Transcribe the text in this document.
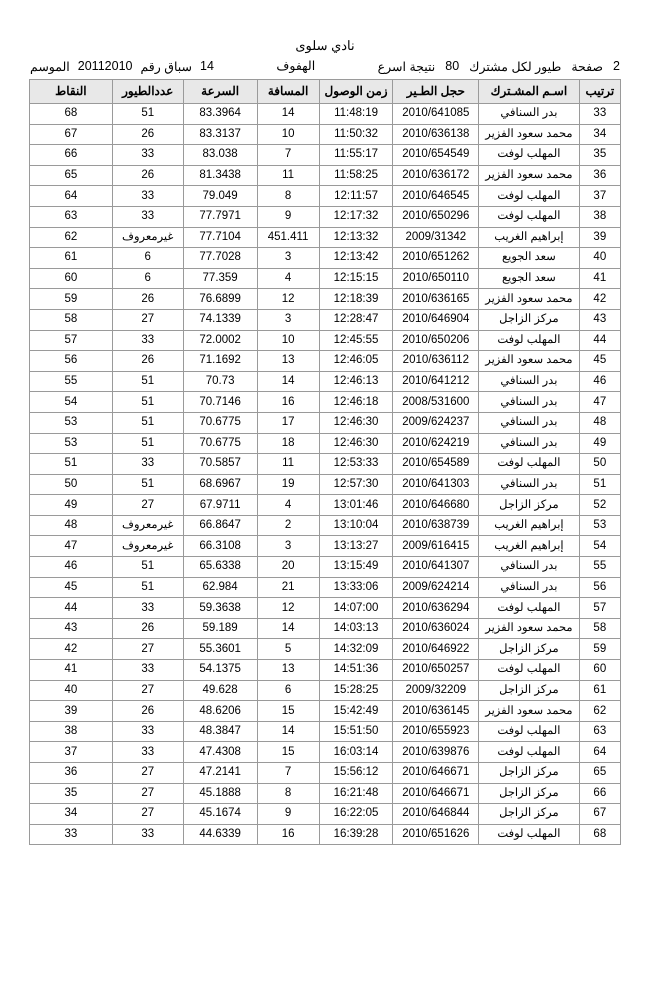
نادي سلوى
الموسم 20112010 سباق رقم 14	الهفوف	نتيجة اسرع 80 طيور لكل مشترك صفحة 2
ترتيب	اسـم المشـترك	حجل الطـير	زمن الوصول	المسافة	السرعة	عددالطيور	النقاط
33	بدر السنافي	2010/641085	11:48:19	14	83.3964	51	68
34	محمد سعود الفزير	2010/636138	11:50:32	10	83.3137	26	67
35	المهلب لوفت	2010/654549	11:55:17	7	83.038	33	66
36	محمد سعود الفزير	2010/636172	11:58:25	11	81.3438	26	65
37	المهلب لوفت	2010/646545	12:11:57	8	79.049	33	64
38	المهلب لوفت	2010/650296	12:17:32	9	77.7971	33	63
39	إبراهيم الغريب	2009/31342	12:13:32	451.411	77.7104	غيرمعروف	62
40	سعد الجويع	2010/651262	12:13:42	3	77.7028	6	61
41	سعد الجويع	2010/650110	12:15:15	4	77.359	6	60
42	محمد سعود الفزير	2010/636165	12:18:39	12	76.6899	26	59
43	مركز الزاجل	2010/646904	12:28:47	3	74.1339	27	58
44	المهلب لوفت	2010/650206	12:45:55	10	72.0002	33	57
45	محمد سعود الفزير	2010/636112	12:46:05	13	71.1692	26	56
46	بدر السنافي	2010/641212	12:46:13	14	70.73	51	55
47	بدر السنافي	2008/531600	12:46:18	16	70.7146	51	54
48	بدر السنافي	2009/624237	12:46:30	17	70.6775	51	53
49	بدر السنافي	2010/624219	12:46:30	18	70.6775	51	53
50	المهلب لوفت	2010/654589	12:53:33	11	70.5857	33	51
51	بدر السنافي	2010/641303	12:57:30	19	68.6967	51	50
52	مركز الزاجل	2010/646680	13:01:46	4	67.9711	27	49
53	إبراهيم الغريب	2010/638739	13:10:04	2	66.8647	غيرمعروف	48
54	إبراهيم الغريب	2009/616415	13:13:27	3	66.3108	غيرمعروف	47
55	بدر السنافي	2010/641307	13:15:49	20	65.6338	51	46
56	بدر السنافي	2009/624214	13:33:06	21	62.984	51	45
57	المهلب لوفت	2010/636294	14:07:00	12	59.3638	33	44
58	محمد سعود الفزير	2010/636024	14:03:13	14	59.189	26	43
59	مركز الزاجل	2010/646922	14:32:09	5	55.3601	27	42
60	المهلب لوفت	2010/650257	14:51:36	13	54.1375	33	41
61	مركز الزاجل	2009/32209	15:28:25	6	49.628	27	40
62	محمد سعود الفزير	2010/636145	15:42:49	15	48.6206	26	39
63	المهلب لوفت	2010/655923	15:51:50	14	48.3847	33	38
64	المهلب لوفت	2010/639876	16:03:14	15	47.4308	33	37
65	مركز الزاجل	2010/646671	15:56:12	7	47.2141	27	36
66	مركز الزاجل	2010/646671	16:21:48	8	45.1888	27	35
67	مركز الزاجل	2010/646844	16:22:05	9	45.1674	27	34
68	المهلب لوفت	2010/651626	16:39:28	16	44.6339	33	33
